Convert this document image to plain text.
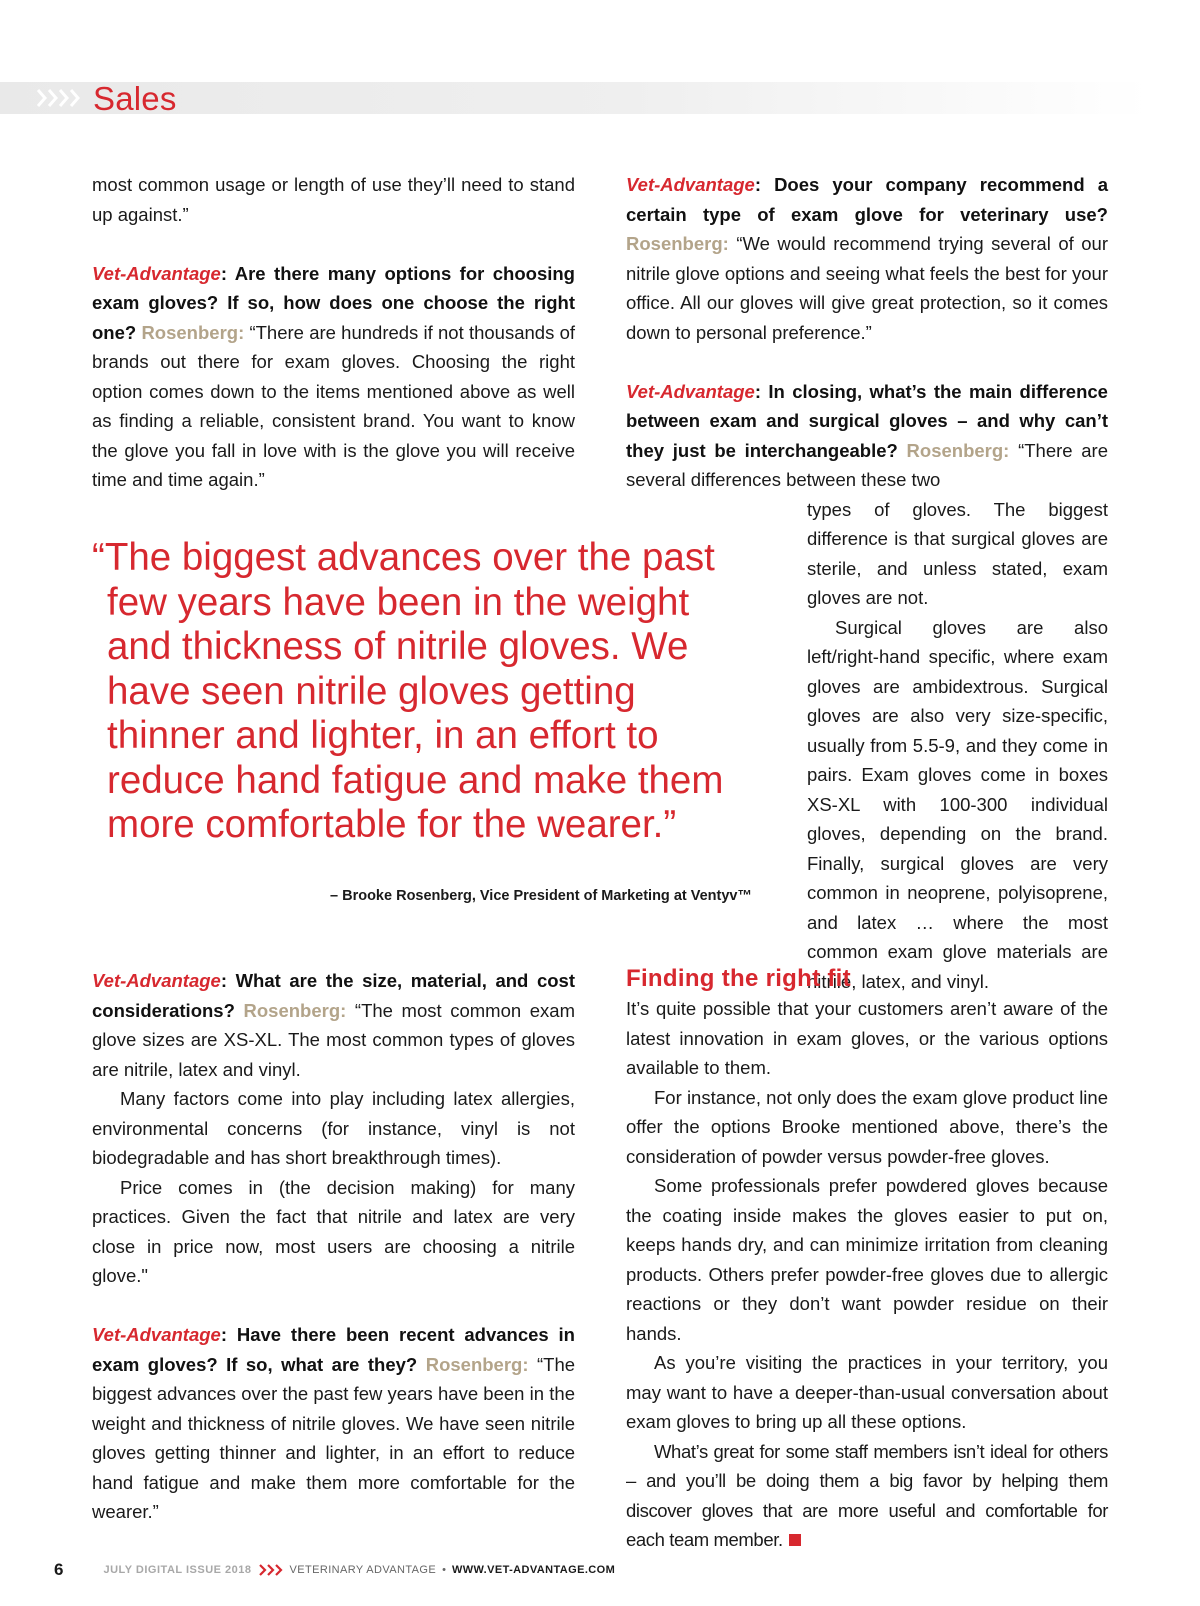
Sales

most common usage or length of use they’ll need to stand up against.”

Vet-Advantage: Are there many options for choosing exam gloves? If so, how does one choose the right one? Rosenberg: “There are hundreds if not thousands of brands out there for exam gloves. Choosing the right option comes down to the items mentioned above as well as finding a reliable, consistent brand. You want to know the glove you fall in love with is the glove you will receive time and time again.”

Vet-Advantage: Does your company recommend a certain type of exam glove for veterinary use? Rosenberg: “We would recommend trying several of our nitrile glove options and seeing what feels the best for your office. All our gloves will give great protection, so it comes down to personal preference.”

Vet-Advantage: In closing, what’s the main difference between exam and surgical gloves – and why can’t they just be interchangeable? Rosenberg: “There are several differences between these two

types of gloves. The biggest difference is that surgical gloves are sterile, and unless stated, exam gloves are not.

Surgical gloves are also left/right-hand specific, where exam gloves are ambidextrous. Surgical gloves are also very size-specific, usually from 5.5-9, and they come in pairs. Exam gloves come in boxes XS-XL with 100-300 individual gloves, depending on the brand. Finally, surgical gloves are very common in neoprene, polyisoprene, and latex … where the most common exam glove materials are nitrile, latex, and vinyl.

“The biggest advances over the past few years have been in the weight and thickness of nitrile gloves. We have seen nitrile gloves getting thinner and lighter, in an effort to reduce hand fatigue and make them more comfortable for the wearer.”
– Brooke Rosenberg, Vice President of Marketing at Ventyv™

Vet-Advantage: What are the size, material, and cost considerations? Rosenberg: “The most common exam glove sizes are XS-XL. The most common types of gloves are nitrile, latex and vinyl.

Many factors come into play including latex allergies, environmental concerns (for instance, vinyl is not biodegradable and has short breakthrough times).

Price comes in (the decision making) for many practices. Given the fact that nitrile and latex are very close in price now, most users are choosing a nitrile glove."

Vet-Advantage: Have there been recent advances in exam gloves? If so, what are they? Rosenberg: “The biggest advances over the past few years have been in the weight and thickness of nitrile gloves. We have seen nitrile gloves getting thinner and lighter, in an effort to reduce hand fatigue and make them more comfortable for the wearer.”

Finding the right fit

It’s quite possible that your customers aren’t aware of the latest innovation in exam gloves, or the various options available to them.

For instance, not only does the exam glove product line offer the options Brooke mentioned above, there’s the consideration of powder versus powder-free gloves.

Some professionals prefer powdered gloves because the coating inside makes the gloves easier to put on, keeps hands dry, and can minimize irritation from cleaning products. Others prefer powder-free gloves due to allergic reactions or they don’t want powder residue on their hands.

As you’re visiting the practices in your territory, you may want to have a deeper-than-usual conversation about exam gloves to bring up all these options.

What’s great for some staff members isn’t ideal for others – and you’ll be doing them a big favor by helping them discover gloves that are more useful and comfortable for each team member.

6	JULY DIGITAL ISSUE 2018	VETERINARY ADVANTAGE • WWW.VET-ADVANTAGE.COM
